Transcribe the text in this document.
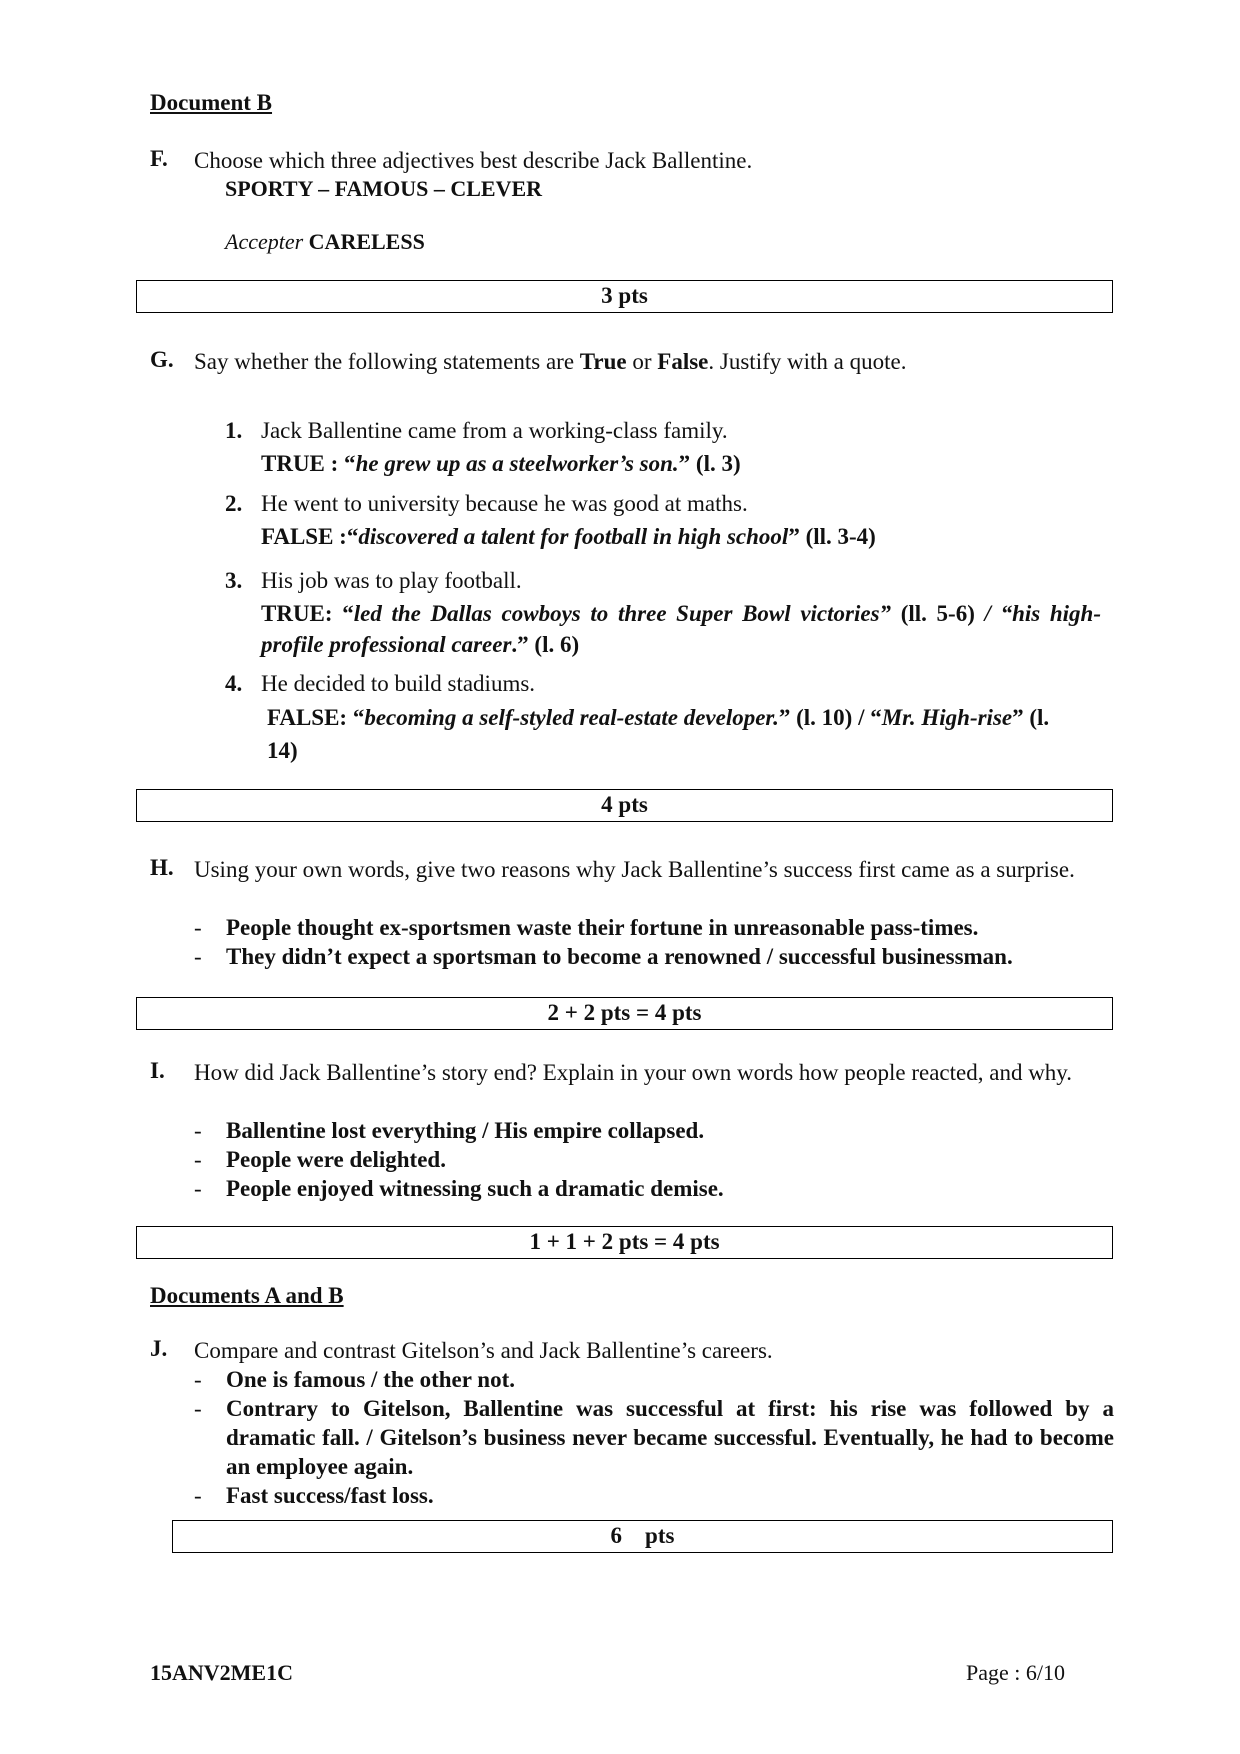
Document B
F.	Choose which three adjectives best describe Jack Ballentine.
SPORTY – FAMOUS – CLEVER
Accepter CARELESS
3 pts
G. Say whether the following statements are True or False. Justify with a quote.
1. Jack Ballentine came from a working-class family.
TRUE : “he grew up as a steelworker’s son.” (l. 3)
2. He went to university because he was good at maths.
FALSE :“discovered a talent for football in high school” (ll. 3-4)
3. His job was to play football.
TRUE: “led the Dallas cowboys to three Super Bowl victories” (ll. 5-6) / “his high-profile professional career.” (l. 6)
4. He decided to build stadiums.
FALSE: “becoming a self-styled real-estate developer.” (l. 10) / “Mr. High-rise” (l. 14)
4 pts
H. Using your own words, give two reasons why Jack Ballentine’s success first came as a surprise.
-	People thought ex-sportsmen waste their fortune in unreasonable pass-times.
-	They didn’t expect a sportsman to become a renowned / successful businessman.
2 + 2 pts = 4 pts
I.	How did Jack Ballentine’s story end? Explain in your own words how people reacted, and why.
-	Ballentine lost everything / His empire collapsed.
-	People were delighted.
-	People enjoyed witnessing such a dramatic demise.
1 + 1 + 2 pts = 4 pts
Documents A and B
J.	Compare and contrast Gitelson’s and Jack Ballentine’s careers.
-	One is famous / the other not.
-	Contrary to Gitelson, Ballentine was successful at first: his rise was followed by a dramatic fall. / Gitelson’s business never became successful. Eventually, he had to become an employee again.
-	Fast success/fast loss.
6    pts
15ANV2ME1C	Page : 6/10
